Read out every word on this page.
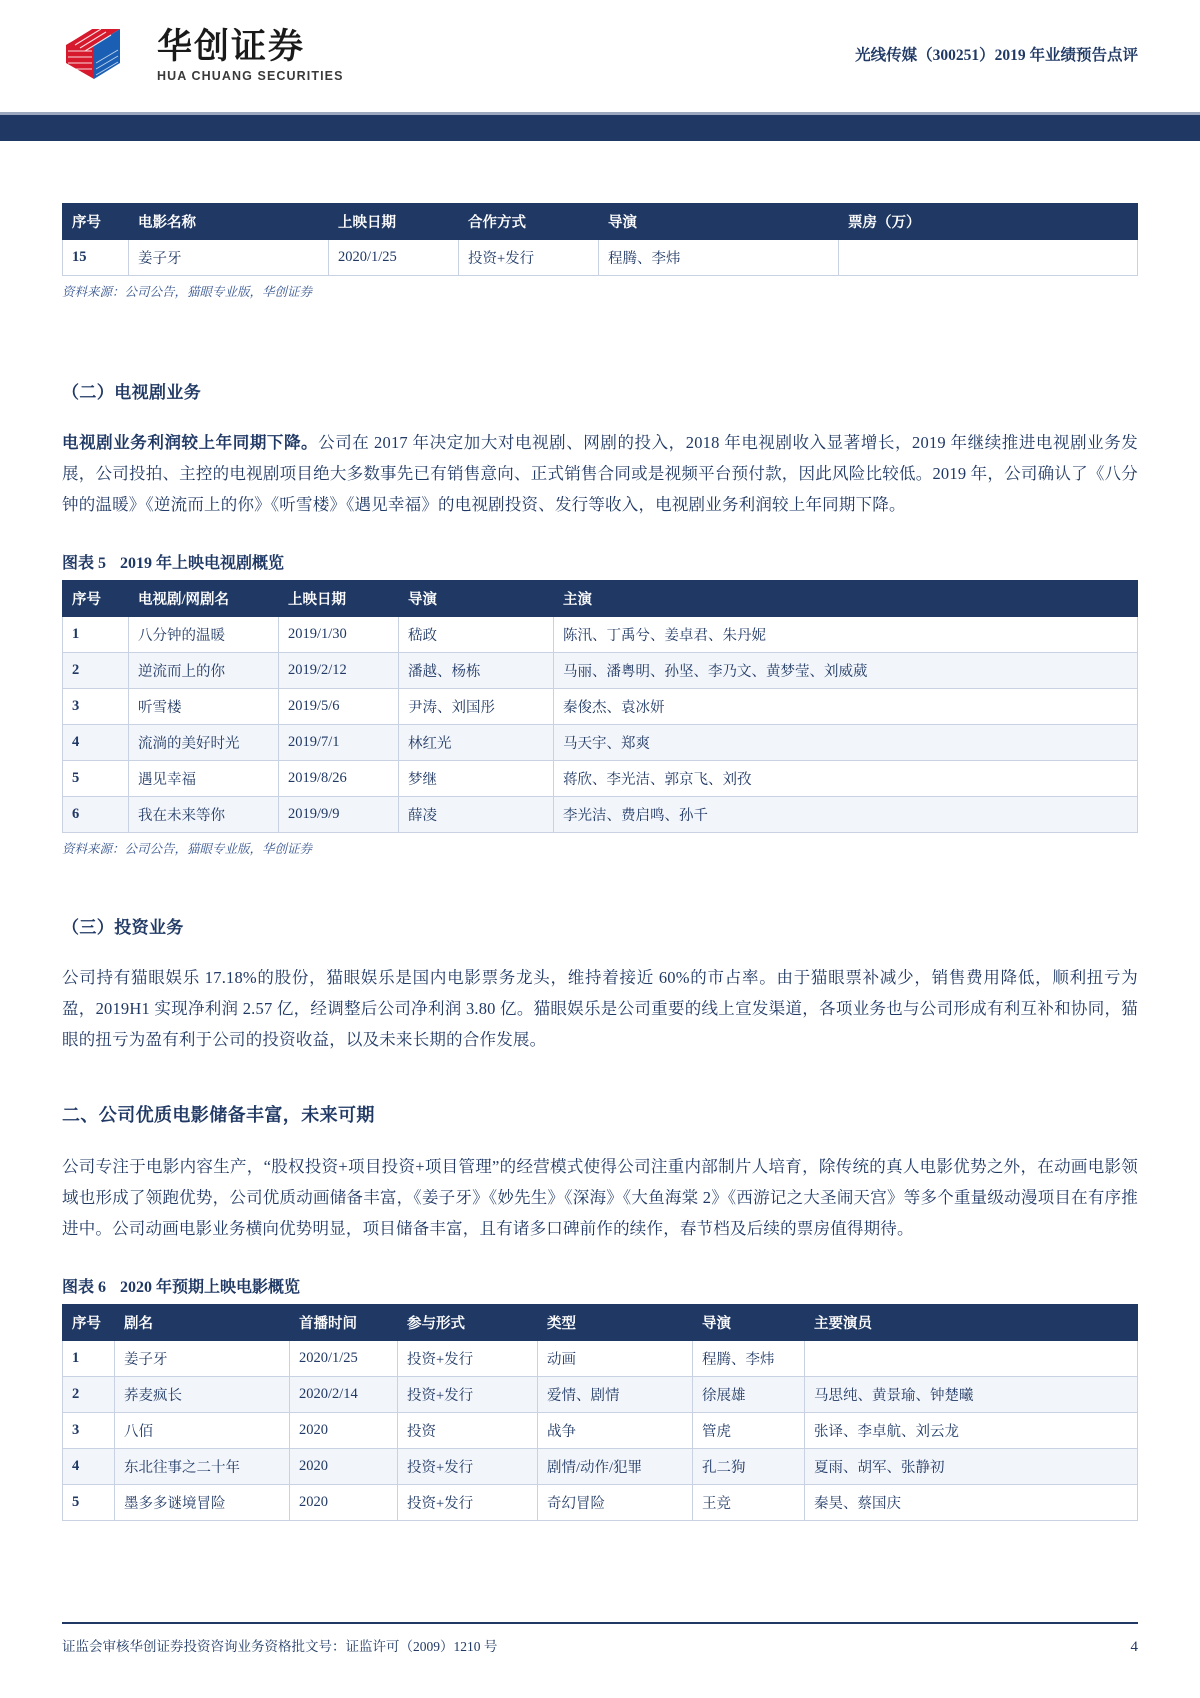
华创证券
HUA CHUANG SECURITIES
光线传媒（300251）2019 年业绩预告点评
序号	电影名称	上映日期	合作方式	导演	票房（万）
15	姜子牙	2020/1/25	投资+发行	程腾、李炜	

资料来源：公司公告，猫眼专业版，华创证券

（二）电视剧业务

电视剧业务利润较上年同期下降。公司在 2017 年决定加大对电视剧、网剧的投入，2018 年电视剧收入显著增长，2019 年继续推进电视剧业务发展，公司投拍、主控的电视剧项目绝大多数事先已有销售意向、正式销售合同或是视频平台预付款，因此风险比较低。2019 年，公司确认了《八分钟的温暖》《逆流而上的你》《听雪楼》《遇见幸福》的电视剧投资、发行等收入，电视剧业务利润较上年同期下降。

图表 5 2019 年上映电视剧概览
序号	电视剧/网剧名	上映日期	导演	主演
1	八分钟的温暖	2019/1/30	嵇政	陈汛、丁禹兮、姜卓君、朱丹妮
2	逆流而上的你	2019/2/12	潘越、杨栋	马丽、潘粤明、孙坚、李乃文、黄梦莹、刘威葳
3	听雪楼	2019/5/6	尹涛、刘国彤	秦俊杰、袁冰妍
4	流淌的美好时光	2019/7/1	林红光	马天宇、郑爽
5	遇见幸福	2019/8/26	梦继	蒋欣、李光洁、郭京飞、刘孜
6	我在未来等你	2019/9/9	薛凌	李光洁、费启鸣、孙千

资料来源：公司公告，猫眼专业版，华创证券

（三）投资业务

公司持有猫眼娱乐 17.18%的股份，猫眼娱乐是国内电影票务龙头，维持着接近 60%的市占率。由于猫眼票补减少，销售费用降低，顺利扭亏为盈，2019H1 实现净利润 2.57 亿，经调整后公司净利润 3.80 亿。猫眼娱乐是公司重要的线上宣发渠道，各项业务也与公司形成有利互补和协同，猫眼的扭亏为盈有利于公司的投资收益，以及未来长期的合作发展。

二、公司优质电影储备丰富，未来可期

公司专注于电影内容生产，“股权投资+项目投资+项目管理”的经营模式使得公司注重内部制片人培育，除传统的真人电影优势之外，在动画电影领域也形成了领跑优势，公司优质动画储备丰富，《姜子牙》《妙先生》《深海》《大鱼海棠 2》《西游记之大圣闹天宫》等多个重量级动漫项目在有序推进中。公司动画电影业务横向优势明显，项目储备丰富，且有诸多口碑前作的续作，春节档及后续的票房值得期待。

图表 6 2020 年预期上映电影概览
序号	剧名	首播时间	参与形式	类型	导演	主要演员
1	姜子牙	2020/1/25	投资+发行	动画	程腾、李炜	
2	荞麦疯长	2020/2/14	投资+发行	爱情、剧情	徐展雄	马思纯、黄景瑜、钟楚曦
3	八佰	2020	投资	战争	管虎	张译、李卓航、刘云龙
4	东北往事之二十年	2020	投资+发行	剧情/动作/犯罪	孔二狗	夏雨、胡军、张静初
5	墨多多谜境冒险	2020	投资+发行	奇幻冒险	王竞	秦昊、蔡国庆
证监会审核华创证券投资咨询业务资格批文号：证监许可（2009）1210 号	4
